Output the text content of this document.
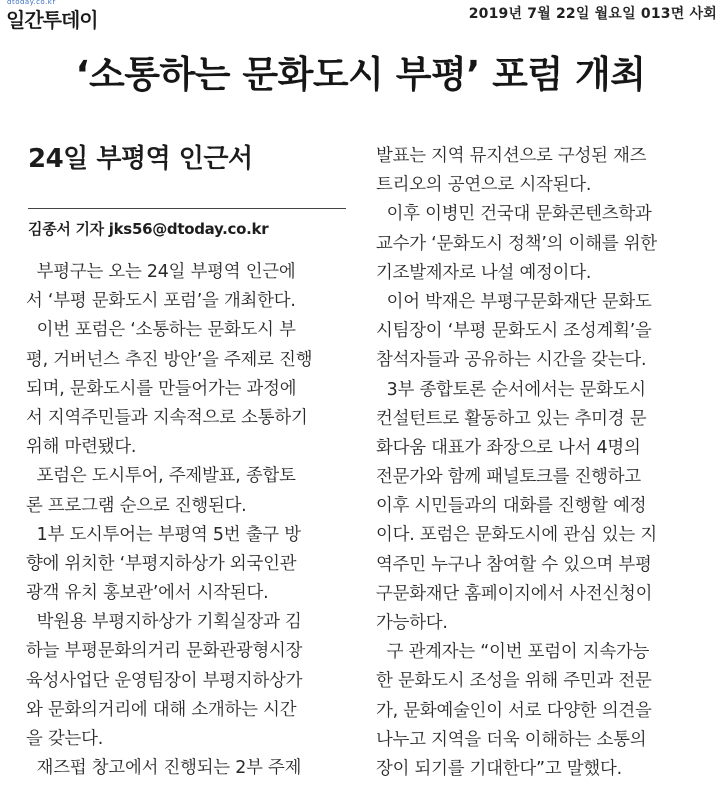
dtoday.co.kr
일간투데이	2019년 7월 22일 월요일 013면 사회
‘소통하는 문화도시 부평’ 포럼 개최
24일 부평역 인근서
김종서 기자 jks56@dtoday.co.kr
부평구는 오는 24일 부평역 인근에
서 ‘부평 문화도시 포럼’을 개최한다.
이번 포럼은 ‘소통하는 문화도시 부
평, 거버넌스 추진 방안’을 주제로 진행
되며, 문화도시를 만들어가는 과정에
서 지역주민들과 지속적으로 소통하기
위해 마련됐다.
포럼은 도시투어, 주제발표, 종합토
론 프로그램 순으로 진행된다.
1부 도시투어는 부평역 5번 출구 방
향에 위치한 ‘부평지하상가 외국인관
광객 유치 홍보관’에서 시작된다.
박원용 부평지하상가 기획실장과 김
하늘 부평문화의거리 문화관광형시장
육성사업단 운영팀장이 부평지하상가
와 문화의거리에 대해 소개하는 시간
을 갖는다.
재즈펍 창고에서 진행되는 2부 주제
발표는 지역 뮤지션으로 구성된 재즈
트리오의 공연으로 시작된다.
이후 이병민 건국대 문화콘텐츠학과
교수가 ‘문화도시 정책’의 이해를 위한
기조발제자로 나설 예정이다.
이어 박재은 부평구문화재단 문화도
시팀장이 ‘부평 문화도시 조성계획’을
참석자들과 공유하는 시간을 갖는다.
3부 종합토론 순서에서는 문화도시
컨설턴트로 활동하고 있는 추미경 문
화다움 대표가 좌장으로 나서 4명의
전문가와 함께 패널토크를 진행하고
이후 시민들과의 대화를 진행할 예정
이다. 포럼은 문화도시에 관심 있는 지
역주민 누구나 참여할 수 있으며 부평
구문화재단 홈페이지에서 사전신청이
가능하다.
구 관계자는 “이번 포럼이 지속가능
한 문화도시 조성을 위해 주민과 전문
가, 문화예술인이 서로 다양한 의견을
나누고 지역을 더욱 이해하는 소통의
장이 되기를 기대한다”고 말했다.
